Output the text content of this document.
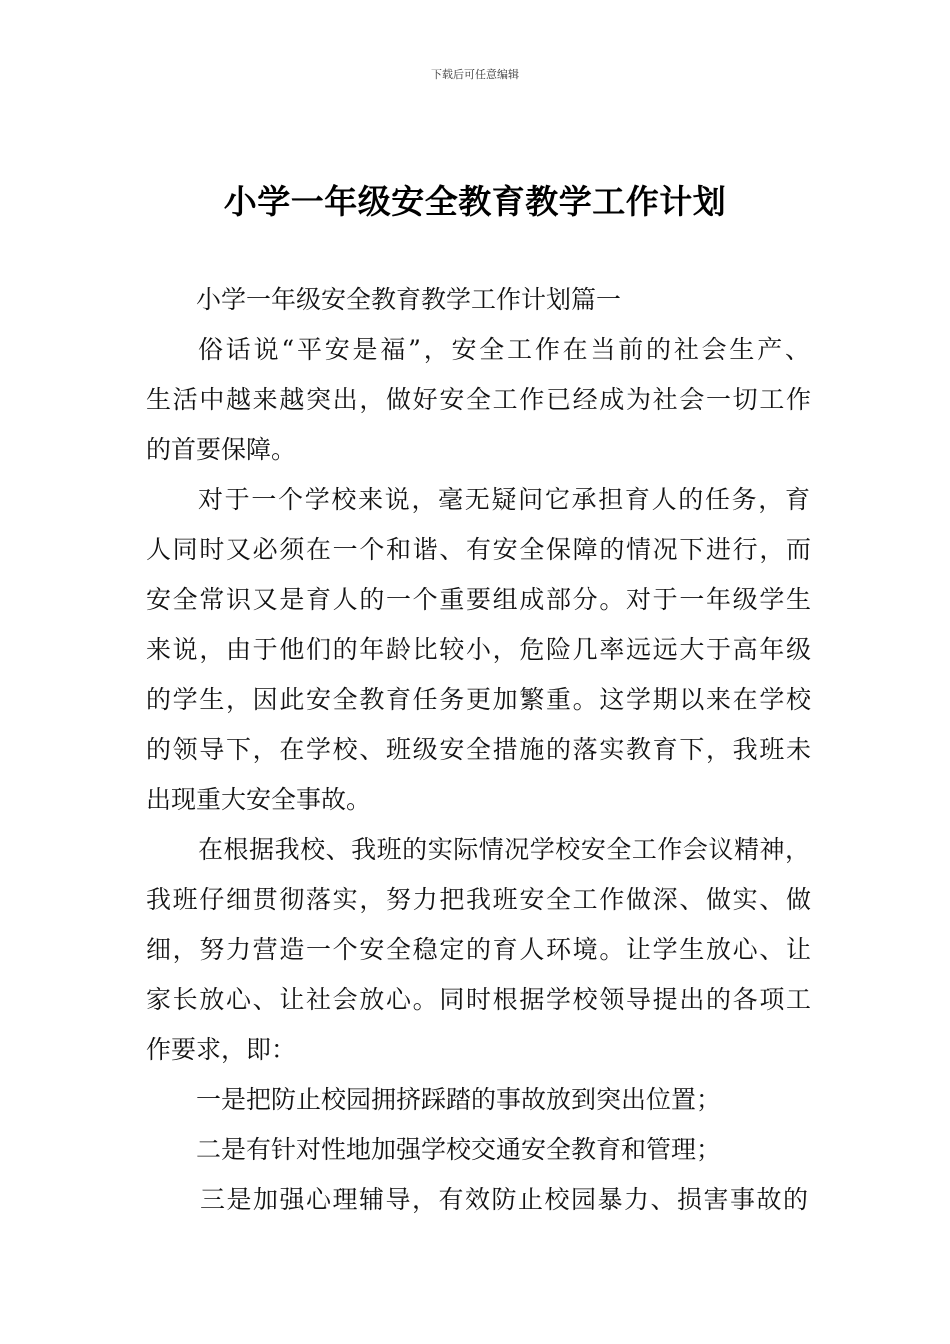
下载后可任意编辑
小学一年级安全教育教学工作计划
小学一年级安全教育教学工作计划篇一
俗话说“平安是福”，安全工作在当前的社会生产、
生活中越来越突出，做好安全工作已经成为社会一切工作
的首要保障。
对于一个学校来说，毫无疑问它承担育人的任务，育
人同时又必须在一个和谐、有安全保障的情况下进行，而
安全常识又是育人的一个重要组成部分。对于一年级学生
来说，由于他们的年龄比较小，危险几率远远大于高年级
的学生，因此安全教育任务更加繁重。这学期以来在学校
的领导下，在学校、班级安全措施的落实教育下，我班未
出现重大安全事故。
在根据我校、我班的实际情况学校安全工作会议精神，
我班仔细贯彻落实，努力把我班安全工作做深、做实、做
细，努力营造一个安全稳定的育人环境。让学生放心、让
家长放心、让社会放心。同时根据学校领导提出的各项工
作要求，即：
一是把防止校园拥挤踩踏的事故放到突出位置；
二是有针对性地加强学校交通安全教育和管理；
三是加强心理辅导，有效防止校园暴力、损害事故的
